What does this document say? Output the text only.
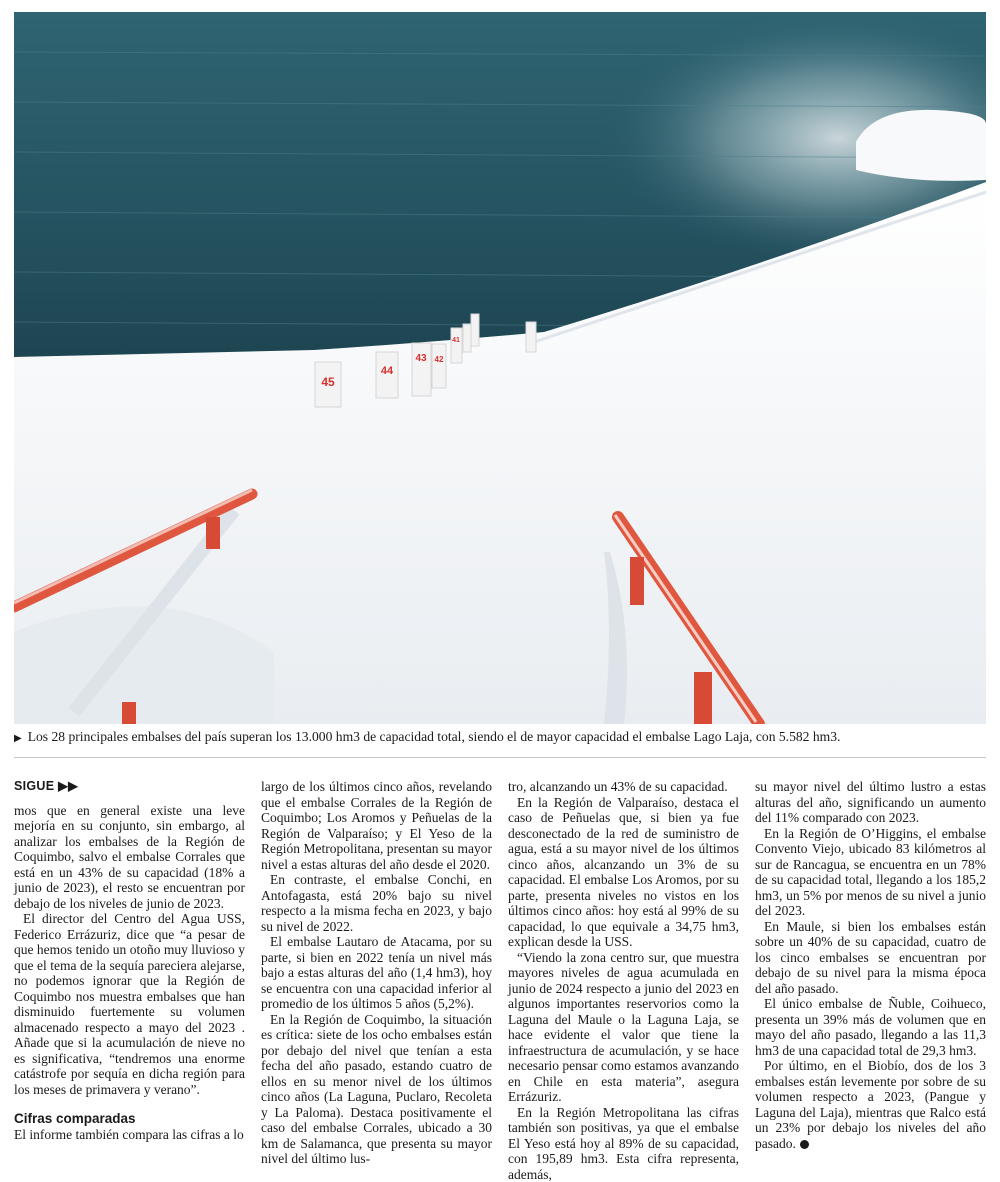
45
44
43 42
41
▶ Los 28 principales embalses del país superan los 13.000 hm3 de capacidad total, siendo el de mayor capacidad el embalse Lago Laja, con 5.582 hm3.
SIGUE ▶▶

mos que en general existe una leve mejoría en su conjunto, sin embargo, al analizar los embalses de la Región de Coquimbo, salvo el embalse Corrales que está en un 43% de su capacidad (18% a junio de 2023), el resto se encuentran por debajo de los niveles de junio de 2023.

El director del Centro del Agua USS, Federico Errázuriz, dice que “a pesar de que hemos tenido un otoño muy lluvioso y que el tema de la sequía pareciera alejarse, no podemos ignorar que la Región de Coquimbo nos muestra embalses que han disminuido fuertemente su volumen almacenado respecto a mayo del 2023 . Añade que si la acumulación de nieve no es significativa, “tendremos una enorme catástrofe por sequía en dicha región para los meses de primavera y verano”.

Cifras comparadas

El informe también compara las cifras a lo

largo de los últimos cinco años, revelando que el embalse Corrales de la Región de Coquimbo; Los Aromos y Peñuelas de la Región de Valparaíso; y El Yeso de la Región Metropolitana, presentan su mayor nivel a estas alturas del año desde el 2020.

En contraste, el embalse Conchi, en Antofagasta, está 20% bajo su nivel respecto a la misma fecha en 2023, y bajo su nivel de 2022.

El embalse Lautaro de Atacama, por su parte, si bien en 2022 tenía un nivel más bajo a estas alturas del año (1,4 hm3), hoy se encuentra con una capacidad inferior al promedio de los últimos 5 años (5,2%).

En la Región de Coquimbo, la situación es crítica: siete de los ocho embalses están por debajo del nivel que tenían a esta fecha del año pasado, estando cuatro de ellos en su menor nivel de los últimos cinco años (La Laguna, Puclaro, Recoleta y La Paloma). Destaca positivamente el caso del embalse Corrales, ubicado a 30 km de Salamanca, que presenta su mayor nivel del último lus-

tro, alcanzando un 43% de su capacidad.

En la Región de Valparaíso, destaca el caso de Peñuelas que, si bien ya fue desconectado de la red de suministro de agua, está a su mayor nivel de los últimos cinco años, alcanzando un 3% de su capacidad. El embalse Los Aromos, por su parte, presenta niveles no vistos en los últimos cinco años: hoy está al 99% de su capacidad, lo que equivale a 34,75 hm3, explican desde la USS.

“Viendo la zona centro sur, que muestra mayores niveles de agua acumulada en junio de 2024 respecto a junio del 2023 en algunos importantes reservorios como la Laguna del Maule o la Laguna Laja, se hace evidente el valor que tiene la infraestructura de acumulación, y se hace necesario pensar como estamos avanzando en Chile en esta materia”, asegura Errázuriz.

En la Región Metropolitana las cifras también son positivas, ya que el embalse El Yeso está hoy al 89% de su capacidad, con 195,89 hm3. Esta cifra representa, además,

su mayor nivel del último lustro a estas alturas del año, significando un aumento del 11% comparado con 2023.

En la Región de O’Higgins, el embalse Convento Viejo, ubicado 83 kilómetros al sur de Rancagua, se encuentra en un 78% de su capacidad total, llegando a los 185,2 hm3, un 5% por menos de su nivel a junio del 2023.

En Maule, si bien los embalses están sobre un 40% de su capacidad, cuatro de los cinco embalses se encuentran por debajo de su nivel para la misma época del año pasado.

El único embalse de Ñuble, Coihueco, presenta un 39% más de volumen que en mayo del año pasado, llegando a las 11,3 hm3 de una capacidad total de 29,3 hm3.

Por último, en el Biobío, dos de los 3 embalses están levemente por sobre de su volumen respecto a 2023, (Pangue y Laguna del Laja), mientras que Ralco está un 23% por debajo los niveles del año pasado.
